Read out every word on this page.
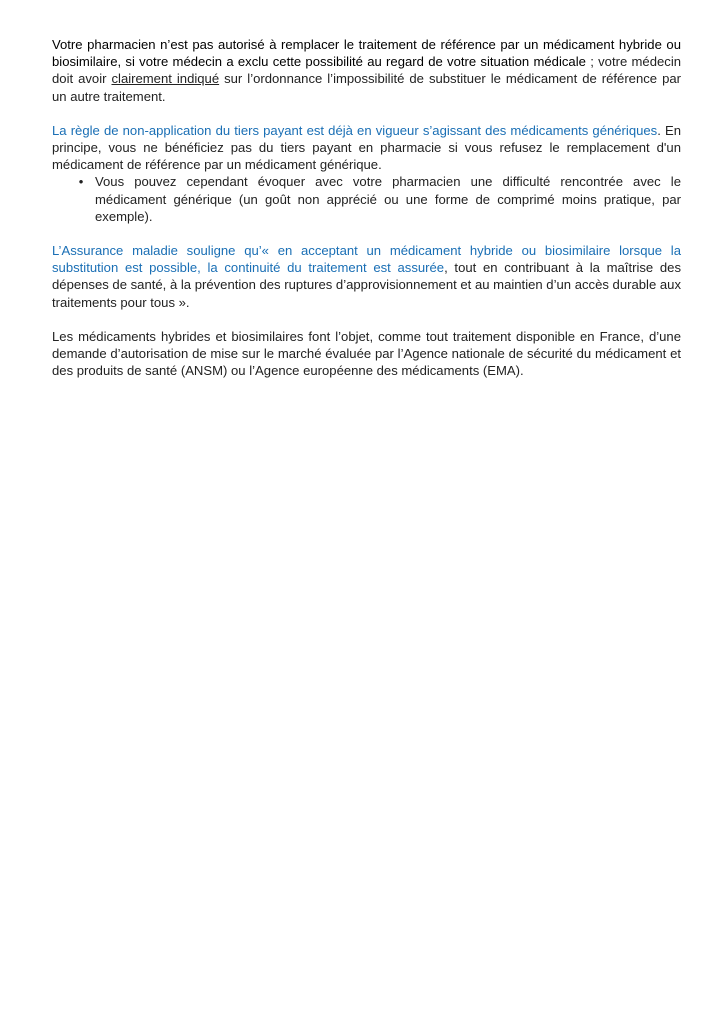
Votre pharmacien n’est pas autorisé à remplacer le traitement de référence par un médicament hybride ou biosimilaire, si votre médecin a exclu cette possibilité au regard de votre situation médicale ; votre médecin doit avoir clairement indiqué sur l’ordonnance l’impossibilité de substituer le médicament de référence par un autre traitement.

La règle de non-application du tiers payant est déjà en vigueur s’agissant des médicaments génériques. En principe, vous ne bénéficiez pas du tiers payant en pharmacie si vous refusez le remplacement d'un médicament de référence par un médicament générique.

• Vous pouvez cependant évoquer avec votre pharmacien une difficulté rencontrée avec le médicament générique (un goût non apprécié ou une forme de comprimé moins pratique, par exemple).

L’Assurance maladie souligne qu’« en acceptant un médicament hybride ou biosimilaire lorsque la substitution est possible, la continuité du traitement est assurée, tout en contribuant à la maîtrise des dépenses de santé, à la prévention des ruptures d’approvisionnement et au maintien d’un accès durable aux traitements pour tous ».

Les médicaments hybrides et biosimilaires font l’objet, comme tout traitement disponible en France, d’une demande d’autorisation de mise sur le marché évaluée par l’Agence nationale de sécurité du médicament et des produits de santé (ANSM) ou l’Agence européenne des médicaments (EMA).
